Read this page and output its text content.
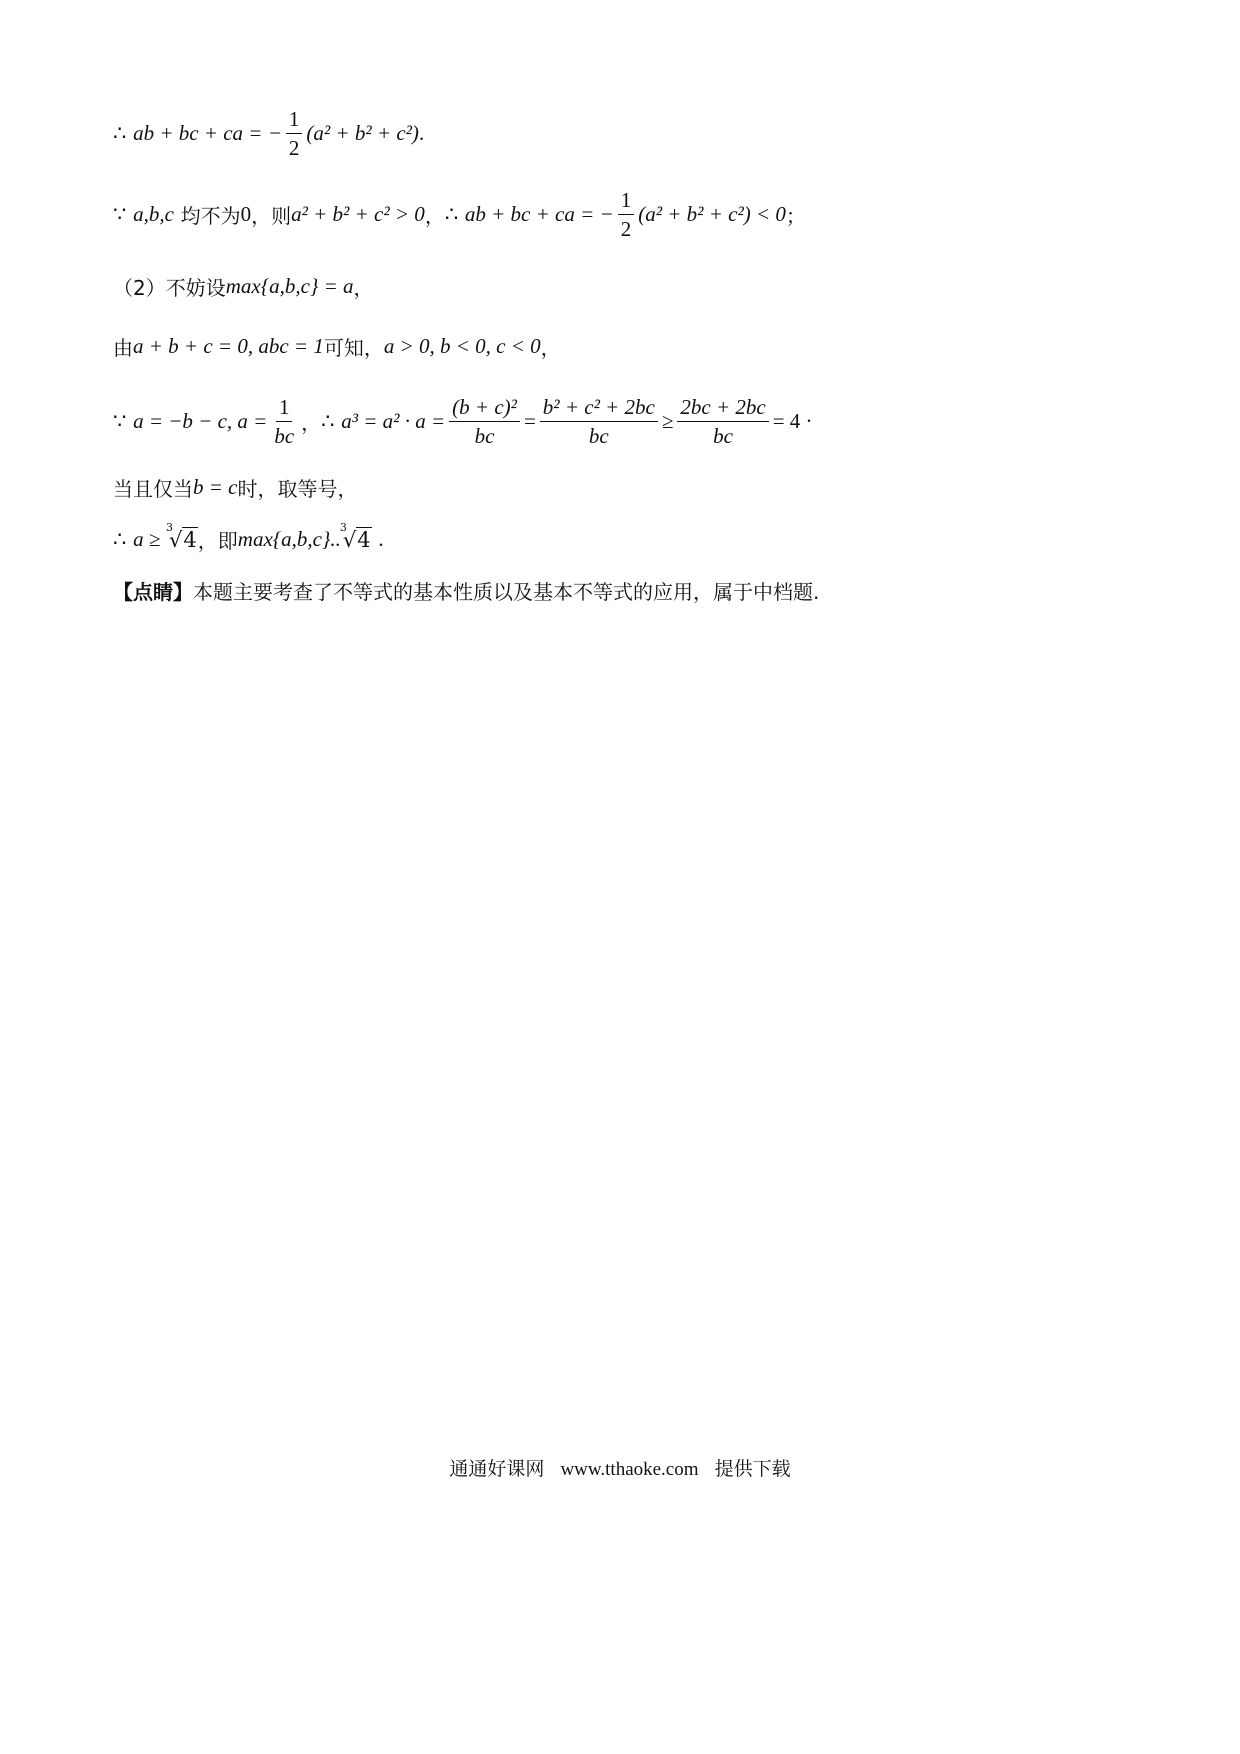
∴
ab + bc + ca = − $\frac{1}{2} (a^2 + b^2 + c^2)$ .
∵
a,b,c
均不为 0 ，则 a² + b² + c² > 0 ， ∴
ab + bc + ca = − $\frac{1}{2} (a^2 + b^2 + c^2) < 0$ ；
（2）不妨设 max{a,b,c} = a ，
由 a + b + c = 0, abc = 1 可知， a > 0, b < 0, c < 0 ，
∵
a = −b − c, $a = \frac{1}{bc}$ ， ∴
$a^3 = a^2 \cdot a = \frac{\text{(b + c)²}}{bc} = \frac{\text{b² + c² + 2bc}}{bc} \ge \frac{2bc + 2bc}{bc} = 4$ ·
当且仅当 b = c 时，取等号，
∴
a ≥
3
√4 ，即 max{a,b,c}.. 3
√4
.
【点睛】 本题主要考查了不等式的基本性质以及基本不等式的应用，属于中档题.
通通好课网 www.tthaoke.com 提供下载
